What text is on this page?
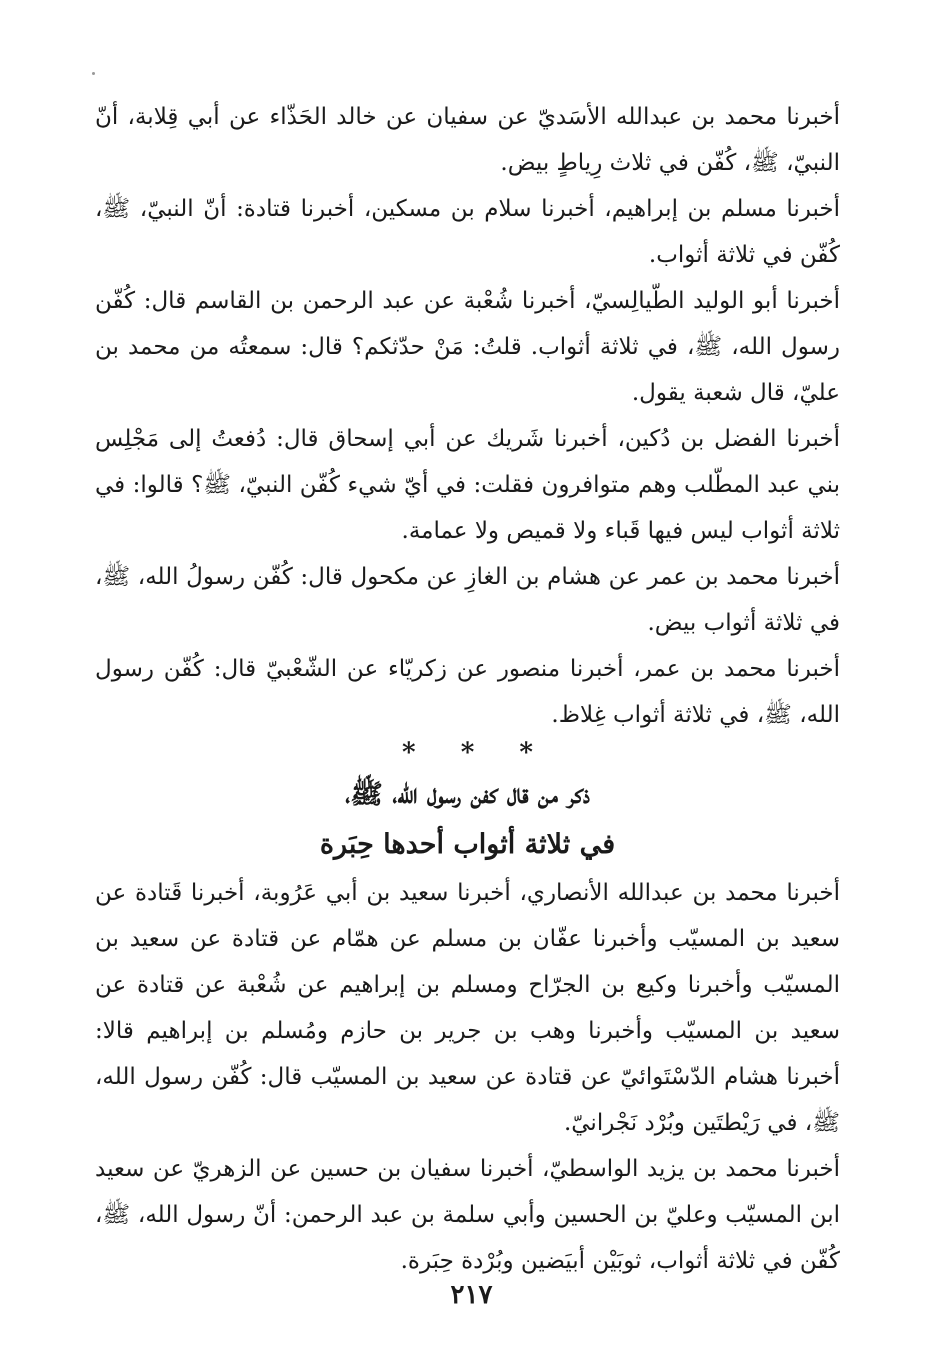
أخبرنا محمد بن عبدالله الأسَديّ عن سفيان عن خالد الحَذّاء عن أبي قِلابة، أنّ النبيّ، ﷺ، كُفّن في ثلاث رِياطٍ بيض.

أخبرنا مسلم بن إبراهيم، أخبرنا سلام بن مسكين، أخبرنا قتادة: أنّ النبيّ، ﷺ، كُفّن في ثلاثة أثواب.

أخبرنا أبو الوليد الطّيالِسيّ، أخبرنا شُعْبة عن عبد الرحمن بن القاسم قال: كُفّن رسول الله، ﷺ، في ثلاثة أثواب. قلتُ: مَنْ حدّثكم؟ قال: سمعتُه من محمد بن عليّ، قال شعبة يقول.

أخبرنا الفضل بن دُكين، أخبرنا شَريك عن أبي إسحاق قال: دُفعتُ إلى مَجْلِس بني عبد المطّلب وهم متوافرون فقلت: في أيّ شيء كُفّن النبيّ، ﷺ؟ قالوا: في ثلاثة أثواب ليس فيها قَباء ولا قميص ولا عمامة.

أخبرنا محمد بن عمر عن هشام بن الغازِ عن مكحول قال: كُفّن رسولُ الله، ﷺ، في ثلاثة أثواب بيض.

أخبرنا محمد بن عمر، أخبرنا منصور عن زكريّاء عن الشّعْبيّ قال: كُفّن رسول الله، ﷺ، في ثلاثة أثواب غِلاظ.

* * *

ذكر من قال كفن رسول الله، ﷺ،

في ثلاثة أثواب أحدها حِبَرة

أخبرنا محمد بن عبدالله الأنصاري، أخبرنا سعيد بن أبي عَرُوبة، أخبرنا قَتادة عن سعيد بن المسيّب وأخبرنا عفّان بن مسلم عن همّام عن قتادة عن سعيد بن المسيّب وأخبرنا وكيع بن الجرّاح ومسلم بن إبراهيم عن شُعْبة عن قتادة عن سعيد بن المسيّب وأخبرنا وهب بن جرير بن حازم ومُسلم بن إبراهيم قالا: أخبرنا هشام الدّسْتَوائيّ عن قتادة عن سعيد بن المسيّب قال: كُفّن رسول الله، ﷺ، في رَيْطتَين وبُرْد نَجْرانيّ.

أخبرنا محمد بن يزيد الواسطيّ، أخبرنا سفيان بن حسين عن الزهريّ عن سعيد ابن المسيّب وعليّ بن الحسين وأبي سلمة بن عبد الرحمن: أنّ رسول الله، ﷺ، كُفّن في ثلاثة أثواب، ثوبَيْن أبيَضين وبُرْدة حِبَرة.

٢١٧
